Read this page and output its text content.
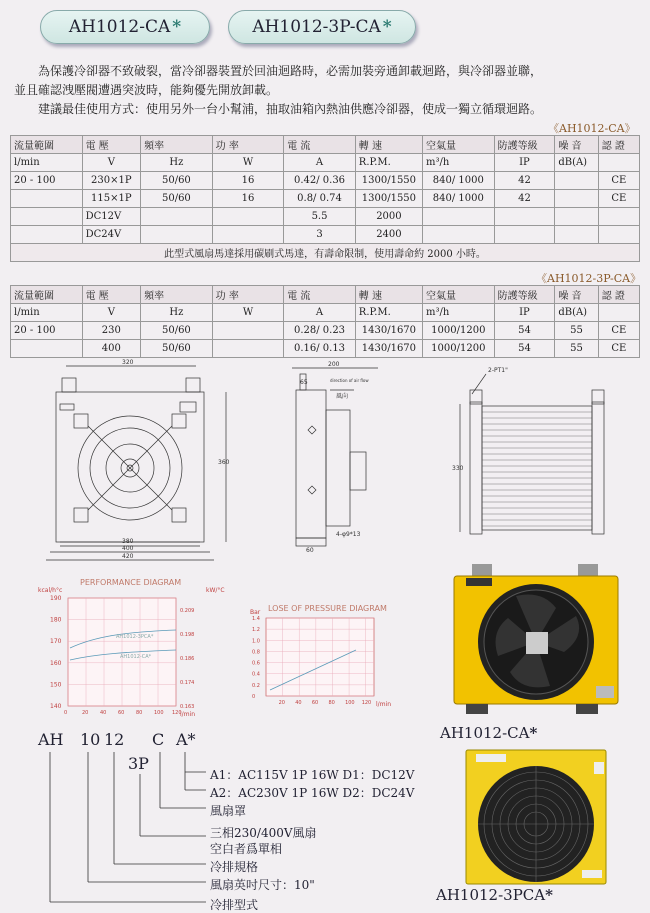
AH1012-CA *	AH1012-3P-CA *

為保護冷卻器不致破裂，當冷卻器裝置於回油迴路時，必需加裝旁通卸載迴路，與冷卻器並聯，

並且確認洩壓閥遭遇突波時，能夠優先開放卸載。

建議最佳使用方式：使用另外一台小幫浦，抽取油箱內熱油供應冷卻器，使成一獨立循環迴路。

《AH1012-CA》
流量範圍	電 壓	頻率	功 率	電 流	轉 速	空氣量	防護等級	噪 音	認 證
l/min	V	Hz	W	A	R.P.M.	m³/h	IP	dB(A)	
20 - 100	230×1P	50/60	16	0.42/ 0.36	1300/1550	840/ 1000	42		CE
	115×1P	50/60	16	0.8/ 0.74	1300/1550	840/ 1000	42		CE
	DC12V			5.5	2000				
	DC24V			3	2400				
此型式風扇馬達採用碳刷式馬達，有壽命限制，使用壽命約 2000 小時。									
《AH1012-3P-CA》
流量範圍	電 壓	頻率	功 率	電 流	轉 速	空氣量	防護等級	噪 音	認 證
l/min	V	Hz	W	A	R.P.M.	m³/h	IP	dB(A)	
20 - 100	230	50/60		0.28/ 0.23	1430/1670	1000/1200	54	55	CE
	400	50/60		0.16/ 0.13	1430/1670	1000/1200	54	55	CE
320
360
380
400
420
200
65	direction of air flow
風向
60
4-φ9*13
2-PT1"
330
PERFORMANCE DIAGRAM
kcal/h°c	kW/°C
190
180
170
160
150
140
0.209
0.198
0.186
0.174
0.163
0	20 40 60 80 100 120
AH1012-3PCA*
AH1012-CA*
l/min
LOSE OF PRESSURE DIAGRAM
Bar
1.4
1.2
1.0
0.8
0.6
0.4
0.2
0
20 40 60 80 100 120 l/min
AH1012-CA*
AH1012-3PCA*
AH 10 12 C A*
3P
A1：AC115V 1P 16W D1：DC12V
A2：AC230V 1P 16W D2：DC24V
風扇罩
三相230/400V風扇
空白者爲單相
冷排規格
風扇英吋尺寸：10"
冷排型式
